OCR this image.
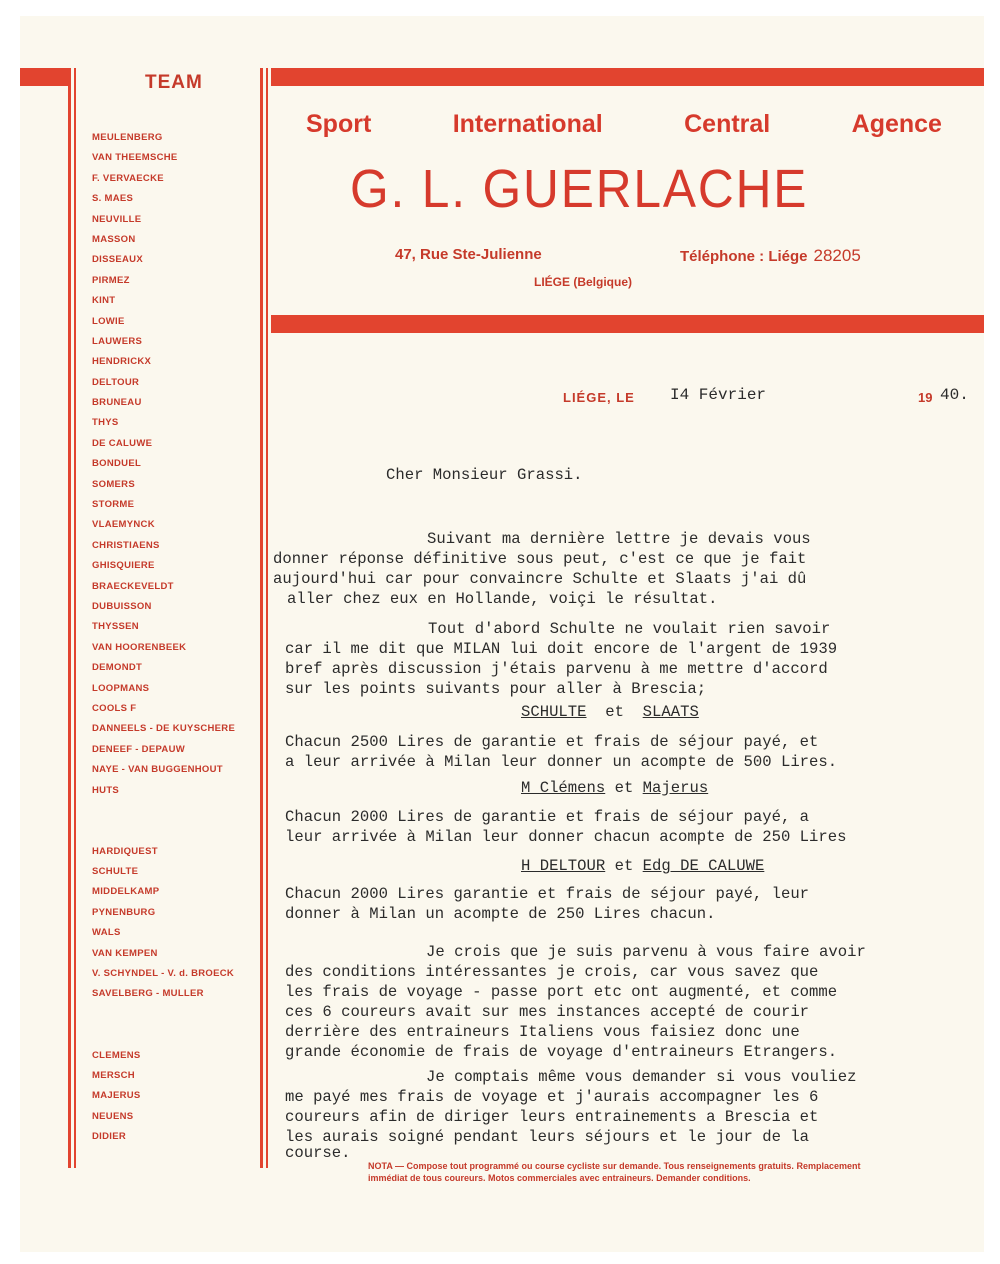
TEAM
MEULENBERG
VAN THEEMSCHE
F. VERVAECKE
S. MAES
NEUVILLE
MASSON
DISSEAUX
PIRMEZ
KINT
LOWIE
LAUWERS
HENDRICKX
DELTOUR
BRUNEAU
THYS
DE CALUWE
BONDUEL
SOMERS
STORME
VLAEMYNCK
CHRISTIAENS
GHISQUIERE
BRAECKEVELDT
DUBUISSON
THYSSEN
VAN HOORENBEEK
DEMONDT
LOOPMANS
COOLS F
DANNEELS - DE KUYSCHERE
DENEEF - DEPAUW
NAYE - VAN BUGGENHOUT
HUTS
HARDIQUEST
SCHULTE
MIDDELKAMP
PYNENBURG
WALS
VAN KEMPEN
V. SCHYNDEL - V. d. BROECK
SAVELBERG - MULLER
CLEMENS
MERSCH
MAJERUS
NEUENS
DIDIER
Sport	International	Central	Agence
G. L. GUERLACHE
47, Rue Ste-Julienne	Téléphone : Liége 28205
LIÉGE (Belgique)
LIÉGE, LE I4 Février	19 40.
Cher Monsieur Grassi.
Suivant ma dernière lettre je devais vous
donner réponse définitive sous peut, c'est ce que je fait
aujourd'hui car pour convaincre Schulte et Slaats j'ai dû
aller chez eux en Hollande, voiçi le résultat.
Tout d'abord Schulte ne voulait rien savoir
car il me dit que MILAN lui doit encore de l'argent de 1939
bref après discussion j'étais parvenu à me mettre d'accord
sur les points suivants pour aller à Brescia;
SCHULTE et SLAATS
Chacun 2500 Lires de garantie et frais de séjour payé, et
a leur arrivée à Milan leur donner un acompte de 500 Lires.
M Clémens et Majerus
Chacun 2000 Lires de garantie et frais de séjour payé, a
leur arrivée à Milan leur donner chacun acompte de 250 Lires
H DELTOUR et Edg DE CALUWE
Chacun 2000 Lires garantie et frais de séjour payé, leur
donner à Milan un acompte de 250 Lires chacun.
Je crois que je suis parvenu à vous faire avoir
des conditions intéressantes je crois, car vous savez que
les frais de voyage - passe port etc ont augmenté, et comme
ces 6 coureurs avait sur mes instances accepté de courir
derrière des entraineurs Italiens vous faisiez donc une
grande économie de frais de voyage d'entraineurs Etrangers.
Je comptais même vous demander si vous vouliez
me payé mes frais de voyage et j'aurais accompagner les 6
coureurs afin de diriger leurs entrainements a Brescia et
les aurais soigné pendant leurs séjours et le jour de la
course.
NOTA — Compose tout programmé ou course cycliste sur demande. Tous renseignements gratuits. Remplacement immédiat de tous coureurs. Motos commerciales avec entraineurs. Demander conditions.
